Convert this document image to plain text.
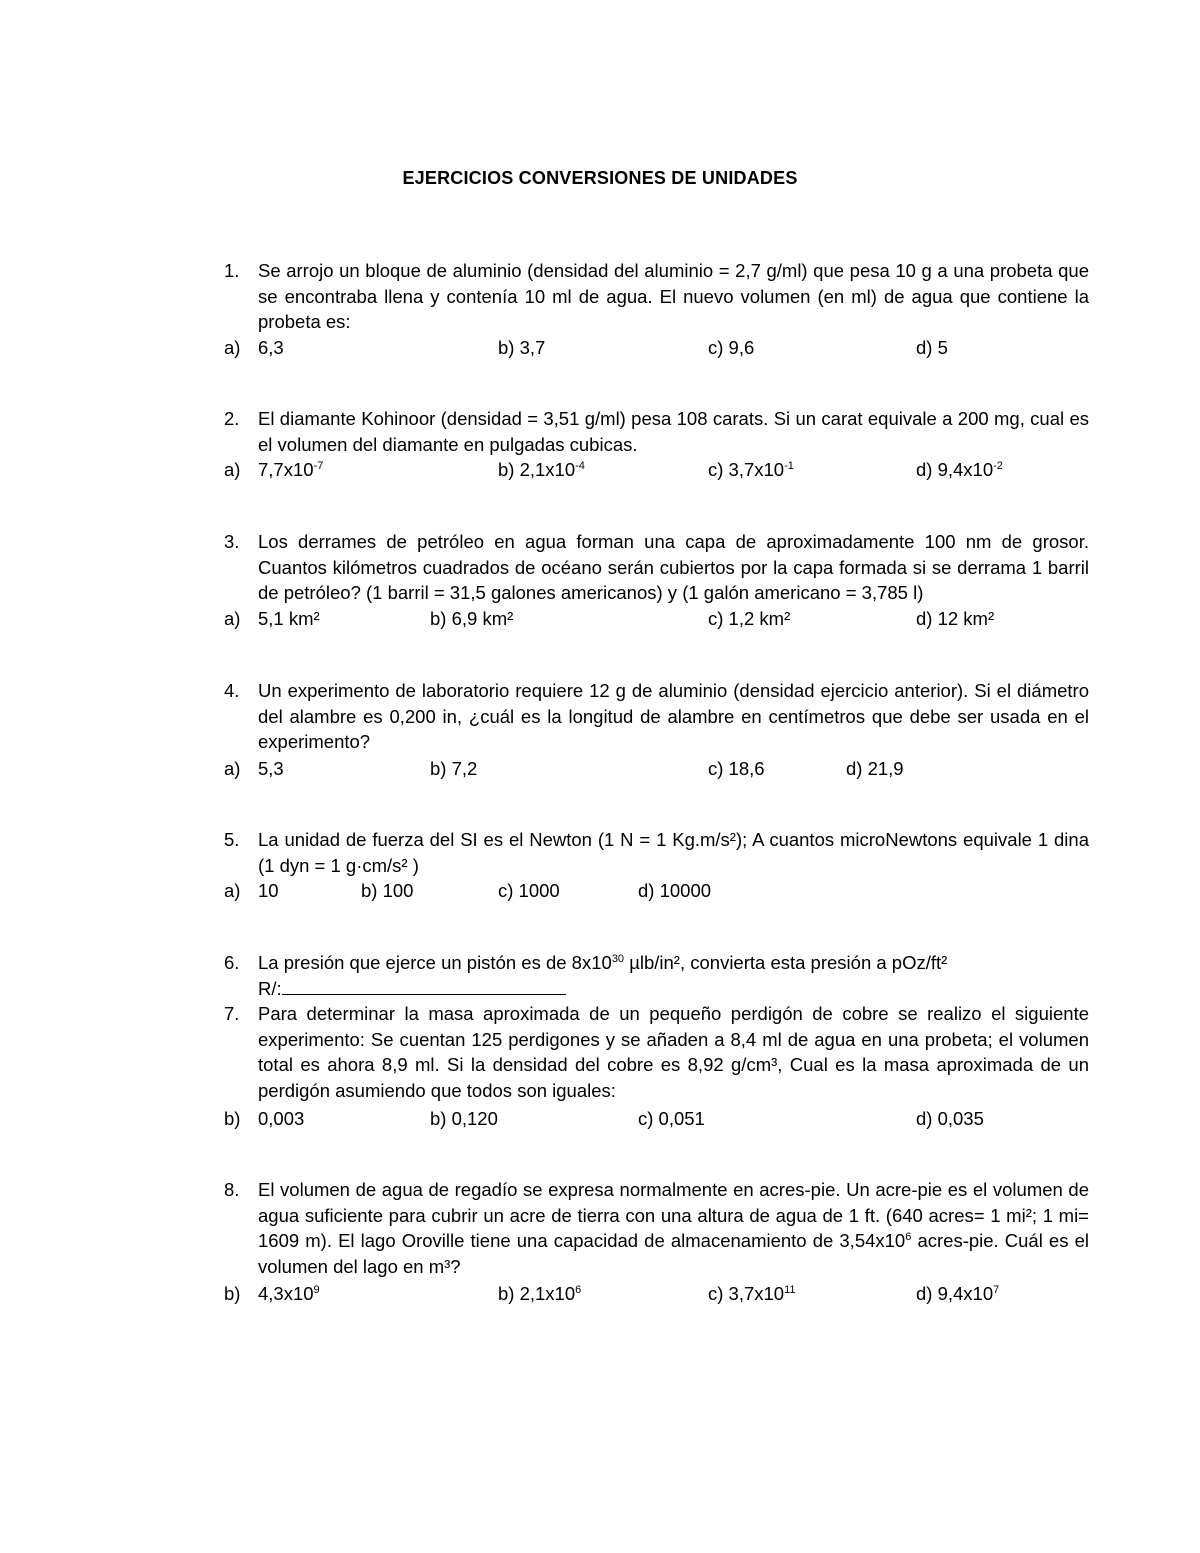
EJERCICIOS CONVERSIONES DE UNIDADES
1. Se arrojo un bloque de aluminio (densidad del aluminio = 2,7 g/ml) que pesa 10 g a una probeta que se encontraba llena y contenía 10 ml de agua. El nuevo volumen (en ml) de agua que contiene la probeta es:
a) 6,3	b) 3,7	c) 9,6	d) 5
2. El diamante Kohinoor (densidad = 3,51 g/ml) pesa 108 carats. Si un carat equivale a 200 mg, cual es el volumen del diamante en pulgadas cubicas.
a) $7,7x10^{-7}$	b) $2,1x10^{-4}$	c) $3,7x10^{-1}$	d) $9,4x10^{-2}$
3. Los derrames de petróleo en agua forman una capa de aproximadamente 100 nm de grosor. Cuantos kilómetros cuadrados de océano serán cubiertos por la capa formada si se derrama 1 barril de petróleo? (1 barril = 31,5 galones americanos) y (1 galón americano = 3,785 l)
a) 5,1 km²	b) 6,9 km²	c) 1,2 km²	d) 12 km²
4. Un experimento de laboratorio requiere 12 g de aluminio (densidad ejercicio anterior). Si el diámetro del alambre es 0,200 in, ¿cuál es la longitud de alambre en centímetros que debe ser usada en el experimento?
a) 5,3	b) 7,2	c) 18,6	d) 21,9
5. La unidad de fuerza del SI es el Newton (1 N = 1 Kg.m/s²); A cuantos microNewtons equivale 1 dina (1 dyn = 1 g·cm/s² )
a) 10	b) 100	c) 1000	d) 10000
6. La presión que ejerce un pistón es de $8x10^{30}$ µlb/in², convierta esta presión a pOz/ft²
R/:
7. Para determinar la masa aproximada de un pequeño perdigón de cobre se realizo el siguiente experimento: Se cuentan 125 perdigones y se añaden a 8,4 ml de agua en una probeta; el volumen total es ahora 8,9 ml. Si la densidad del cobre es 8,92 g/cm³, Cual es la masa aproximada de un perdigón asumiendo que todos son iguales:
b) 0,003	b) 0,120	c) 0,051	d) 0,035
8. El volumen de agua de regadío se expresa normalmente en acres-pie. Un acre-pie es el volumen de agua suficiente para cubrir un acre de tierra con una altura de agua de 1 ft. (640 acres= 1 mi²; 1 mi= 1609 m). El lago Oroville tiene una capacidad de almacenamiento de $3,54x10^6$ acres-pie. Cuál es el volumen del lago en m³?
b) $4,3x10^9$	b) $2,1x10^6$	c) $3,7x10^{11}$	d) $9,4x10^7$
